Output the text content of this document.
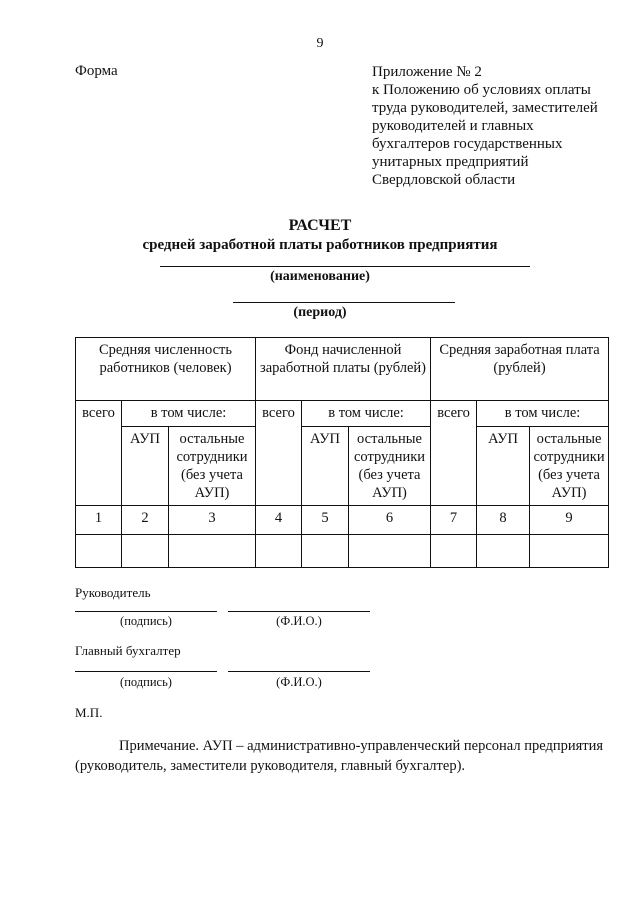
9
Форма	Приложение № 2
к Положению об условиях оплаты
труда руководителей, заместителей
руководителей и главных
бухгалтеров государственных
унитарных предприятий
Свердловской области
РАСЧЕТ
средней заработной платы работников предприятия
(наименование)
(период)
Средняя численность работников (человек)			Фонд начисленной заработной платы (рублей)			Средняя заработная плата (рублей)		
всего	в том числе:		всего	в том числе:		всего	в том числе:	
	АУП	остальные сотрудники (без учета АУП)		АУП	остальные сотрудники (без учета АУП)		АУП	остальные сотрудники (без учета АУП)
1	2	3	4	5	6	7	8	9

Руководитель
(подпись)	(Ф.И.О.)
Главный бухгалтер
(подпись)	(Ф.И.О.)
М.П.

Примечание. АУП – административно-управленческий персонал предприятия (руководитель, заместители руководителя, главный бухгалтер).
